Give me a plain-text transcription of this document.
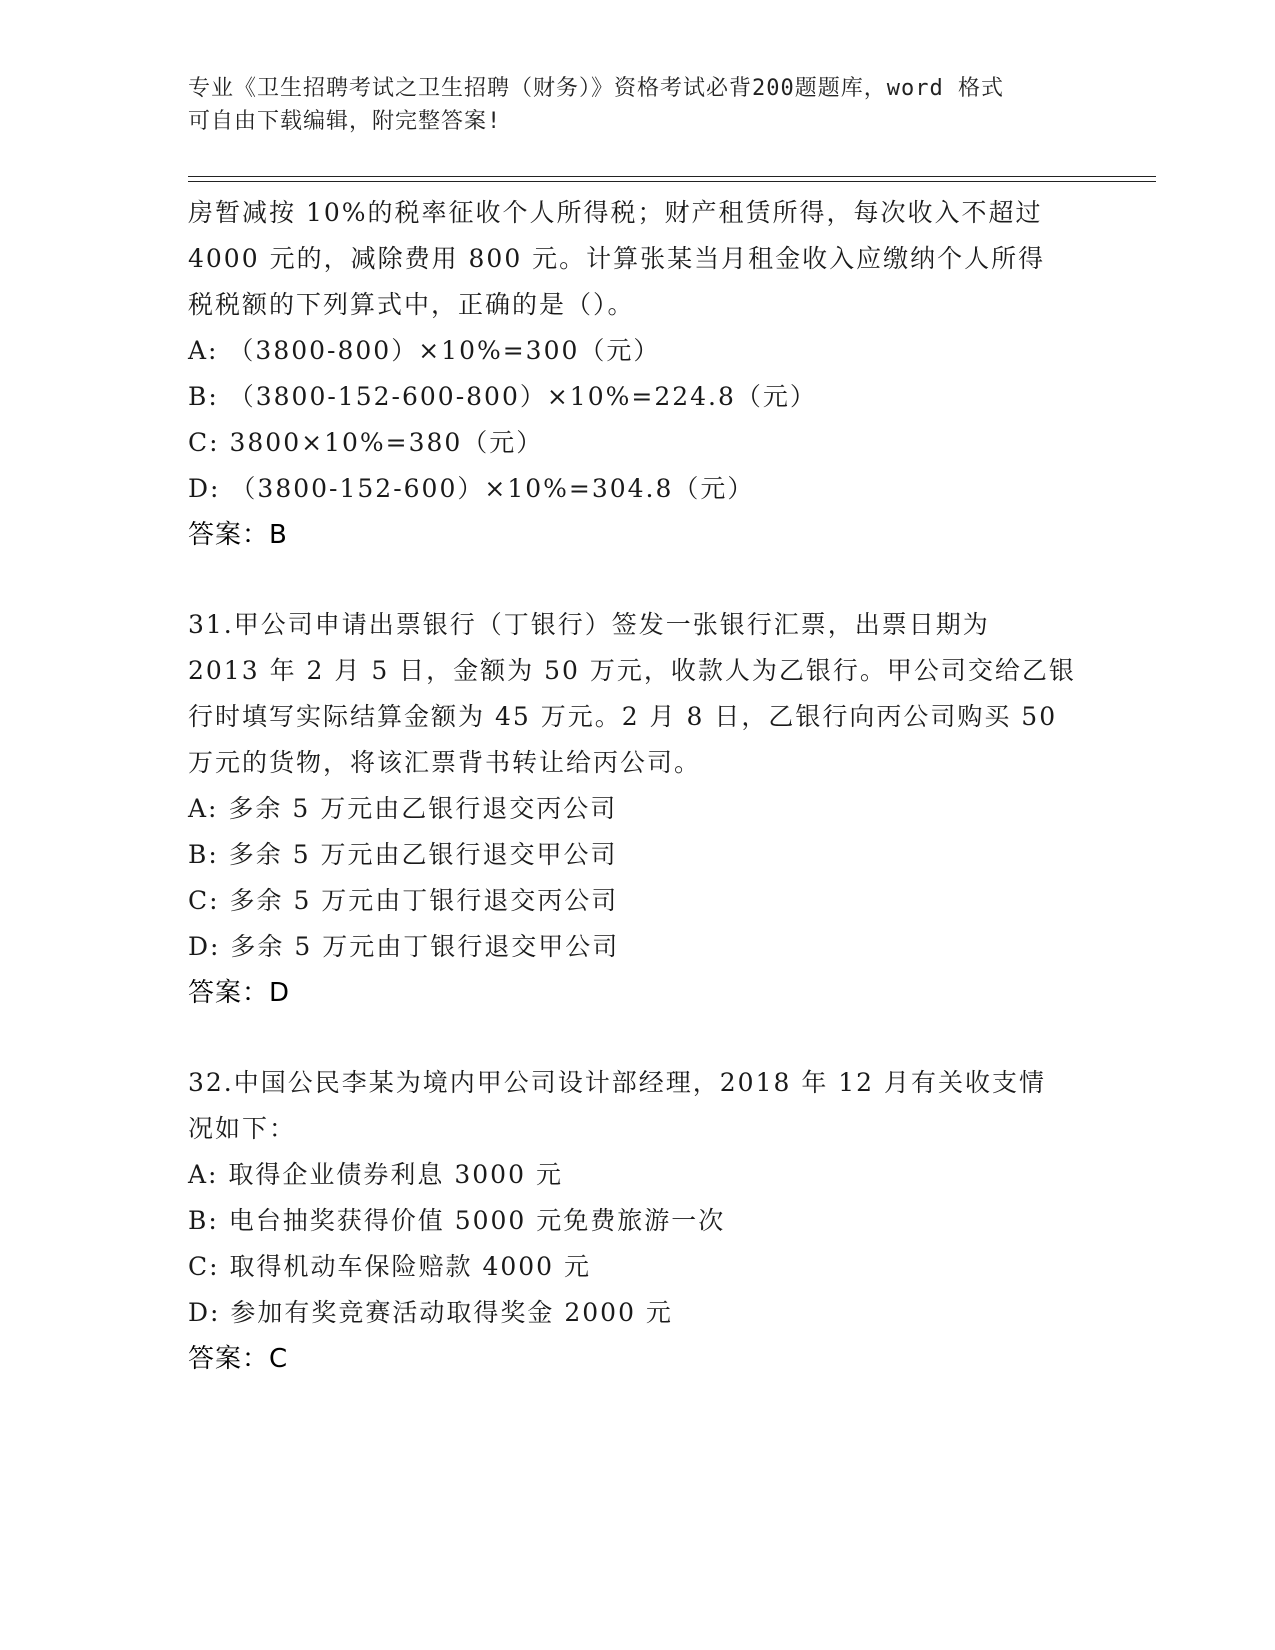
专业《卫生招聘考试之卫生招聘（财务）》资格考试必背200题题库，word 格式
可自由下载编辑，附完整答案!
房暂减按 10%的税率征收个人所得税；财产租赁所得，每次收入不超过
4000 元的，减除费用 800 元。计算张某当月租金收入应缴纳个人所得
税税额的下列算式中，正确的是（）。
A: （3800-800）×10%=300（元）
B: （3800-152-600-800）×10%=224.8（元）
C: 3800×10%=380（元）
D: （3800-152-600）×10%=304.8（元）
答案：B
31.甲公司申请出票银行（丁银行）签发一张银行汇票，出票日期为
2013 年 2 月 5 日，金额为 50 万元，收款人为乙银行。甲公司交给乙银
行时填写实际结算金额为 45 万元。2 月 8 日，乙银行向丙公司购买 50
万元的货物，将该汇票背书转让给丙公司。
A: 多余 5 万元由乙银行退交丙公司
B: 多余 5 万元由乙银行退交甲公司
C: 多余 5 万元由丁银行退交丙公司
D: 多余 5 万元由丁银行退交甲公司
答案：D
32.中国公民李某为境内甲公司设计部经理，2018 年 12 月有关收支情
况如下：
A: 取得企业债券利息 3000 元
B: 电台抽奖获得价值 5000 元免费旅游一次
C: 取得机动车保险赔款 4000 元
D: 参加有奖竞赛活动取得奖金 2000 元
答案：C
